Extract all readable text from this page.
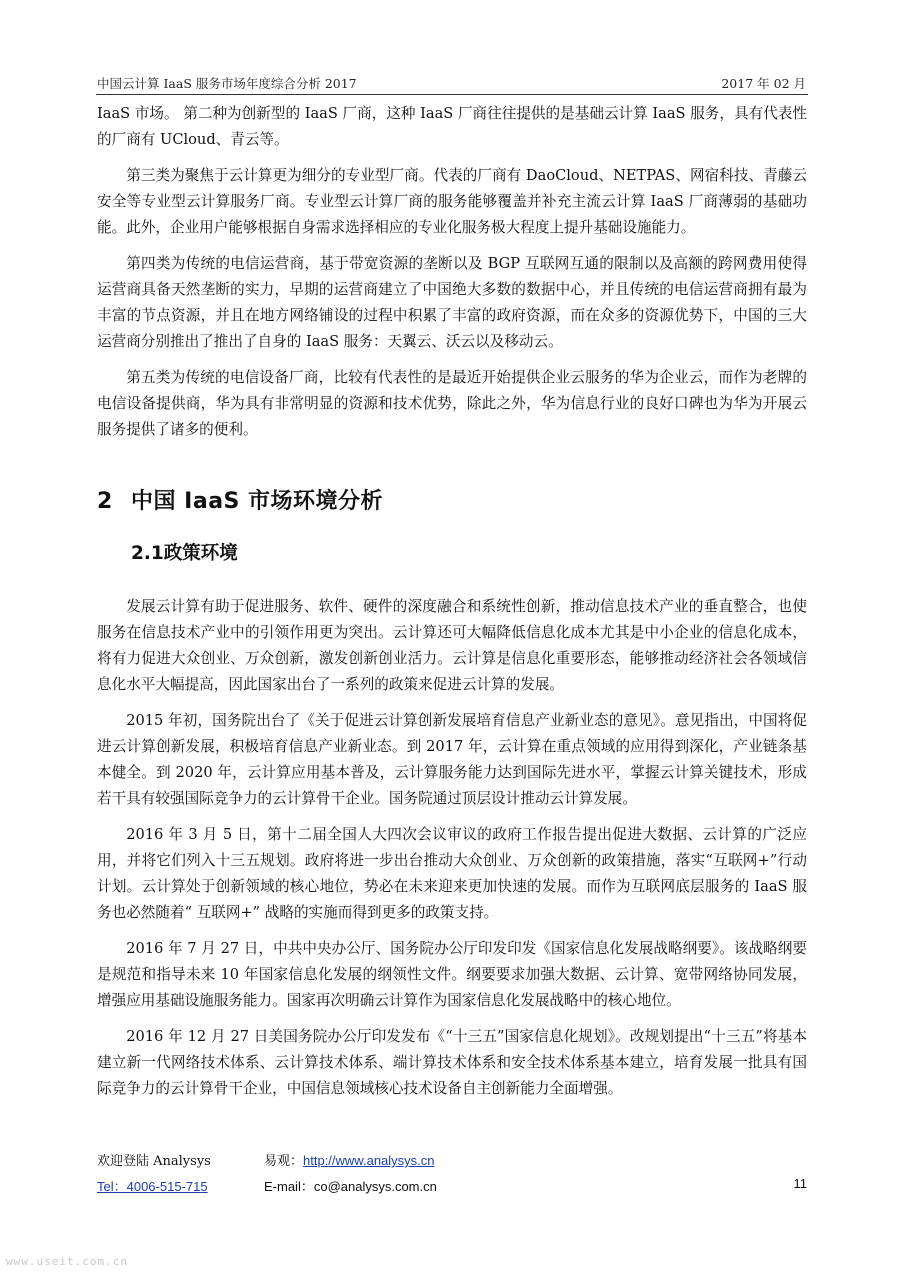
中国云计算 IaaS 服务市场年度综合分析 2017	2017 年 02 月

IaaS 市场。 第二种为创新型的 IaaS 厂商，这种 IaaS 厂商往往提供的是基础云计算 IaaS 服务，具有代表性的厂商有 UCloud、青云等。

第三类为聚焦于云计算更为细分的专业型厂商。代表的厂商有 DaoCloud、NETPAS、网宿科技、青藤云安全等专业型云计算服务厂商。专业型云计算厂商的服务能够覆盖并补充主流云计算 IaaS 厂商薄弱的基础功能。此外，企业用户能够根据自身需求选择相应的专业化服务极大程度上提升基础设施能力。

第四类为传统的电信运营商，基于带宽资源的垄断以及 BGP 互联网互通的限制以及高额的跨网费用使得运营商具备天然垄断的实力，早期的运营商建立了中国绝大多数的数据中心，并且传统的电信运营商拥有最为丰富的节点资源，并且在地方网络铺设的过程中积累了丰富的政府资源，而在众多的资源优势下，中国的三大运营商分别推出了推出了自身的 IaaS 服务：天翼云、沃云以及移动云。

第五类为传统的电信设备厂商，比较有代表性的是最近开始提供企业云服务的华为企业云，而作为老牌的电信设备提供商，华为具有非常明显的资源和技术优势，除此之外，华为信息行业的良好口碑也为华为开展云服务提供了诸多的便利。

2 中国 IaaS 市场环境分析
2.1政策环境

发展云计算有助于促进服务、软件、硬件的深度融合和系统性创新，推动信息技术产业的垂直整合，也使服务在信息技术产业中的引领作用更为突出。云计算还可大幅降低信息化成本尤其是中小企业的信息化成本，将有力促进大众创业、万众创新，激发创新创业活力。云计算是信息化重要形态，能够推动经济社会各领域信息化水平大幅提高，因此国家出台了一系列的政策来促进云计算的发展。

2015 年初，国务院出台了《关于促进云计算创新发展培育信息产业新业态的意见》。意见指出，中国将促进云计算创新发展，积极培育信息产业新业态。到 2017 年，云计算在重点领域的应用得到深化，产业链条基本健全。到 2020 年，云计算应用基本普及，云计算服务能力达到国际先进水平，掌握云计算关键技术，形成若干具有较强国际竞争力的云计算骨干企业。国务院通过顶层设计推动云计算发展。

2016 年 3 月 5 日，第十二届全国人大四次会议审议的政府工作报告提出促进大数据、云计算的广泛应用，并将它们列入十三五规划。政府将进一步出台推动大众创业、万众创新的政策措施，落实“互联网+”行动计划。云计算处于创新领域的核心地位，势必在未来迎来更加快速的发展。而作为互联网底层服务的 IaaS 服务也必然随着“ 互联网+” 战略的实施而得到更多的政策支持。

2016 年 7 月 27 日，中共中央办公厅、国务院办公厅印发印发《国家信息化发展战略纲要》。该战略纲要是规范和指导未来 10 年国家信息化发展的纲领性文件。纲要要求加强大数据、云计算、宽带网络协同发展，增强应用基础设施服务能力。国家再次明确云计算作为国家信息化发展战略中的核心地位。

2016 年 12 月 27 日美国务院办公厅印发发布《“十三五”国家信息化规划》。改规划提出“十三五”将基本建立新一代网络技术体系、云计算技术体系、端计算技术体系和安全技术体系基本建立，培育发展一批具有国际竞争力的云计算骨干企业，中国信息领域核心技术设备自主创新能力全面增强。

欢迎登陆 Analysys	易观：http://www.analysys.cn
Tel：4006-515-715	E-mail：co@analysys.com.cn	11
www.useit.com.cn
